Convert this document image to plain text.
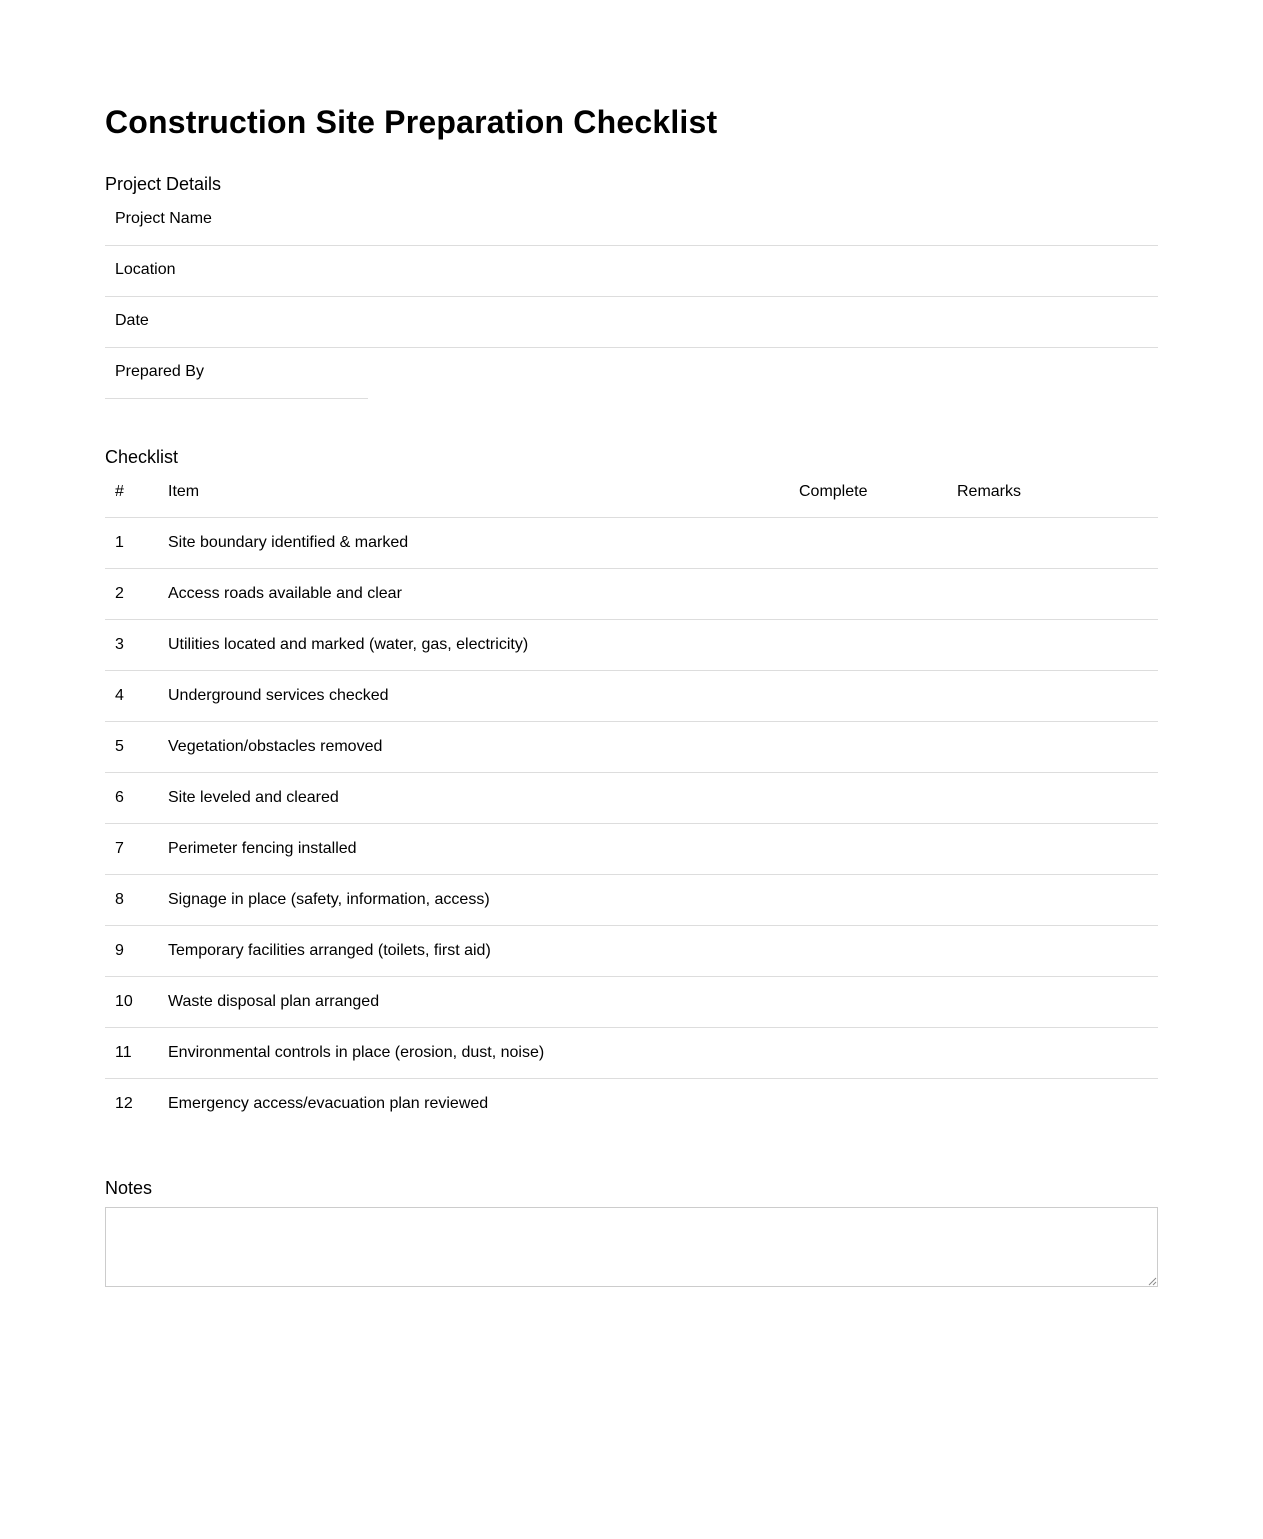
Construction Site Preparation Checklist
Project Details
Project Name
Location
Date
Prepared By
Checklist
#	Item	Complete	Remarks
1	Site boundary identified & marked
2	Access roads available and clear
3	Utilities located and marked (water, gas, electricity)
4	Underground services checked
5	Vegetation/obstacles removed
6	Site leveled and cleared
7	Perimeter fencing installed
8	Signage in place (safety, information, access)
9	Temporary facilities arranged (toilets, first aid)
10 Waste disposal plan arranged
11 Environmental controls in place (erosion, dust, noise)
12 Emergency access/evacuation plan reviewed
Notes
